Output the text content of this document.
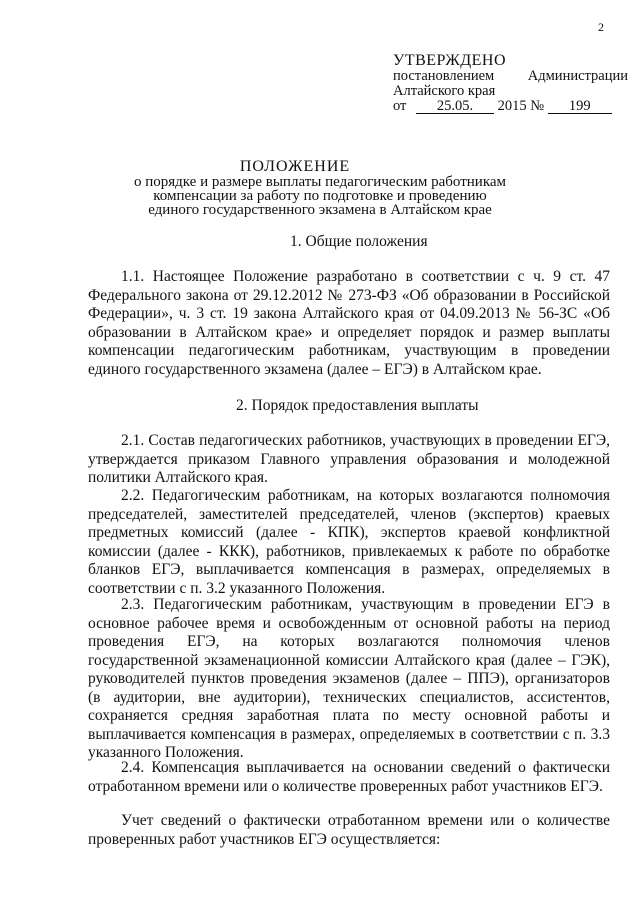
2
УТВЕРЖДЕНО
постановлением Администрации
Алтайского края
от 25.05. 2015 № 199
ПОЛОЖЕНИЕ
о порядке и размере выплаты педагогическим работникам
компенсации за работу по подготовке и проведению
единого государственного экзамена в Алтайском крае
1. Общие положения

1.1. Настоящее Положение разработано в соответствии с ч. 9 ст. 47 Федерального закона от 29.12.2012 № 273-ФЗ «Об образовании в Российской Федерации», ч. 3 ст. 19 закона Алтайского края от 04.09.2013 № 56-ЗС «Об образовании в Алтайском крае» и определяет порядок и размер выплаты компенсации педагогическим работникам, участвующим в проведении единого государственного экзамена (далее – ЕГЭ) в Алтайском крае.

2. Порядок предоставления выплаты

2.1. Состав педагогических работников, участвующих в проведении ЕГЭ, утверждается приказом Главного управления образования и молодежной политики Алтайского края.

2.2. Педагогическим работникам, на которых возлагаются полномочия председателей, заместителей председателей, членов (экспертов) краевых предметных комиссий (далее - КПК), экспертов краевой конфликтной комиссии (далее - ККК), работников, привлекаемых к работе по обработке бланков ЕГЭ, выплачивается компенсация в размерах, определяемых в соответствии с п. 3.2 указанного Положения.

2.3. Педагогическим работникам, участвующим в проведении ЕГЭ в основное рабочее время и освобожденным от основной работы на период проведения ЕГЭ, на которых возлагаются полномочия членов государственной экзаменационной комиссии Алтайского края (далее – ГЭК), руководителей пунктов проведения экзаменов (далее – ППЭ), организаторов (в аудитории, вне аудитории), технических специалистов, ассистентов, сохраняется средняя заработная плата по месту основной работы и выплачивается компенсация в размерах, определяемых в соответствии с п. 3.3 указанного Положения.

2.4. Компенсация выплачивается на основании сведений о фактически отработанном времени или о количестве проверенных работ участников ЕГЭ.

Учет сведений о фактически отработанном времени или о количестве проверенных работ участников ЕГЭ осуществляется:
